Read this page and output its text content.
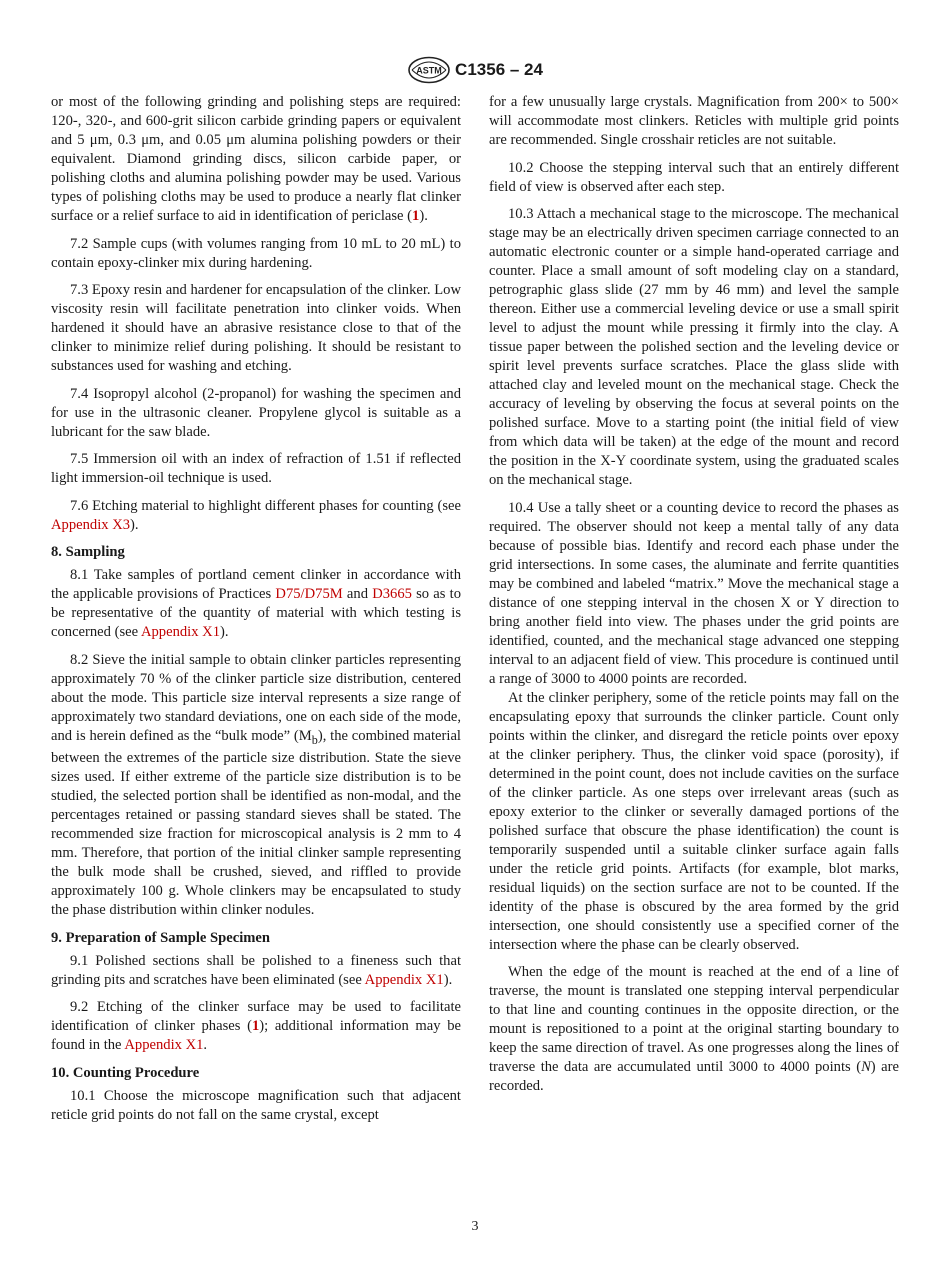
ASTM C1356 – 24

or most of the following grinding and polishing steps are required: 120-, 320-, and 600-grit silicon carbide grinding papers or equivalent and 5 μm, 0.3 μm, and 0.05 μm alumina polishing powders or their equivalent. Diamond grinding discs, silicon carbide paper, or polishing cloths and alumina polishing powder may be used. Various types of polishing cloths may be used to produce a nearly flat clinker surface or a relief surface to aid in identification of periclase (1).

7.2 Sample cups (with volumes ranging from 10 mL to 20 mL) to contain epoxy-clinker mix during hardening.

7.3 Epoxy resin and hardener for encapsulation of the clinker. Low viscosity resin will facilitate penetration into clinker voids. When hardened it should have an abrasive resistance close to that of the clinker to minimize relief during polishing. It should be resistant to substances used for washing and etching.

7.4 Isopropyl alcohol (2-propanol) for washing the specimen and for use in the ultrasonic cleaner. Propylene glycol is suitable as a lubricant for the saw blade.

7.5 Immersion oil with an index of refraction of 1.51 if reflected light immersion-oil technique is used.

7.6 Etching material to highlight different phases for counting (see Appendix X3).

8. Sampling

8.1 Take samples of portland cement clinker in accordance with the applicable provisions of Practices D75/D75M and D3665 so as to be representative of the quantity of material with which testing is concerned (see Appendix X1).

8.2 Sieve the initial sample to obtain clinker particles representing approximately 70 % of the clinker particle size distribution, centered about the mode. This particle size interval represents a size range of approximately two standard deviations, one on each side of the mode, and is herein defined as the “bulk mode” $(M_b)$, the combined material between the extremes of the particle size distribution. State the sieve sizes used. If either extreme of the particle size distribution is to be studied, the selected portion shall be identified as non-modal, and the percentages retained or passing standard sieves shall be stated. The recommended size fraction for microscopical analysis is 2 mm to 4 mm. Therefore, that portion of the initial clinker sample representing the bulk mode shall be crushed, sieved, and riffled to provide approximately 100 g. Whole clinkers may be encapsulated to study the phase distribution within clinker nodules.

9. Preparation of Sample Specimen

9.1 Polished sections shall be polished to a fineness such that grinding pits and scratches have been eliminated (see Appendix X1).

9.2 Etching of the clinker surface may be used to facilitate identification of clinker phases (1); additional information may be found in the Appendix X1.

10. Counting Procedure

10.1 Choose the microscope magnification such that adjacent reticle grid points do not fall on the same crystal, except

for a few unusually large crystals. Magnification from 200× to 500× will accommodate most clinkers. Reticles with multiple grid points are recommended. Single crosshair reticles are not suitable.

10.2 Choose the stepping interval such that an entirely different field of view is observed after each step.

10.3 Attach a mechanical stage to the microscope. The mechanical stage may be an electrically driven specimen carriage connected to an automatic electronic counter or a simple hand-operated carriage and counter. Place a small amount of soft modeling clay on a standard, petrographic glass slide (27 mm by 46 mm) and level the sample thereon. Either use a commercial leveling device or use a small spirit level to adjust the mount while pressing it firmly into the clay. A tissue paper between the polished section and the leveling device or spirit level prevents surface scratches. Place the glass slide with attached clay and leveled mount on the mechanical stage. Check the accuracy of leveling by observing the focus at several points on the polished surface. Move to a starting point (the initial field of view from which data will be taken) at the edge of the mount and record the position in the X-Y coordinate system, using the graduated scales on the mechanical stage.

10.4 Use a tally sheet or a counting device to record the phases as required. The observer should not keep a mental tally of any data because of possible bias. Identify and record each phase under the grid intersections. In some cases, the aluminate and ferrite quantities may be combined and labeled “matrix.” Move the mechanical stage a distance of one stepping interval in the chosen X or Y direction to bring another field into view. The phases under the grid points are identified, counted, and the mechanical stage advanced one stepping interval to an adjacent field of view. This procedure is continued until a range of 3000 to 4000 points are recorded.

At the clinker periphery, some of the reticle points may fall on the encapsulating epoxy that surrounds the clinker particle. Count only points within the clinker, and disregard the reticle points over epoxy at the clinker periphery. Thus, the clinker void space (porosity), if determined in the point count, does not include cavities on the surface of the clinker particle. As one steps over irrelevant areas (such as epoxy exterior to the clinker or severally damaged portions of the polished surface that obscure the phase identification) the count is temporarily suspended until a suitable clinker surface again falls under the reticle grid points. Artifacts (for example, blot marks, residual liquids) on the section surface are not to be counted. If the identity of the phase is obscured by the area formed by the grid intersection, one should consistently use a specified corner of the intersection where the phase can be clearly observed.

When the edge of the mount is reached at the end of a line of traverse, the mount is translated one stepping interval perpendicular to that line and counting continues in the opposite direction, or the mount is repositioned to a point at the original starting boundary to keep the same direction of travel. As one progresses along the lines of traverse the data are accumulated until 3000 to 4000 points (N) are recorded.

3
